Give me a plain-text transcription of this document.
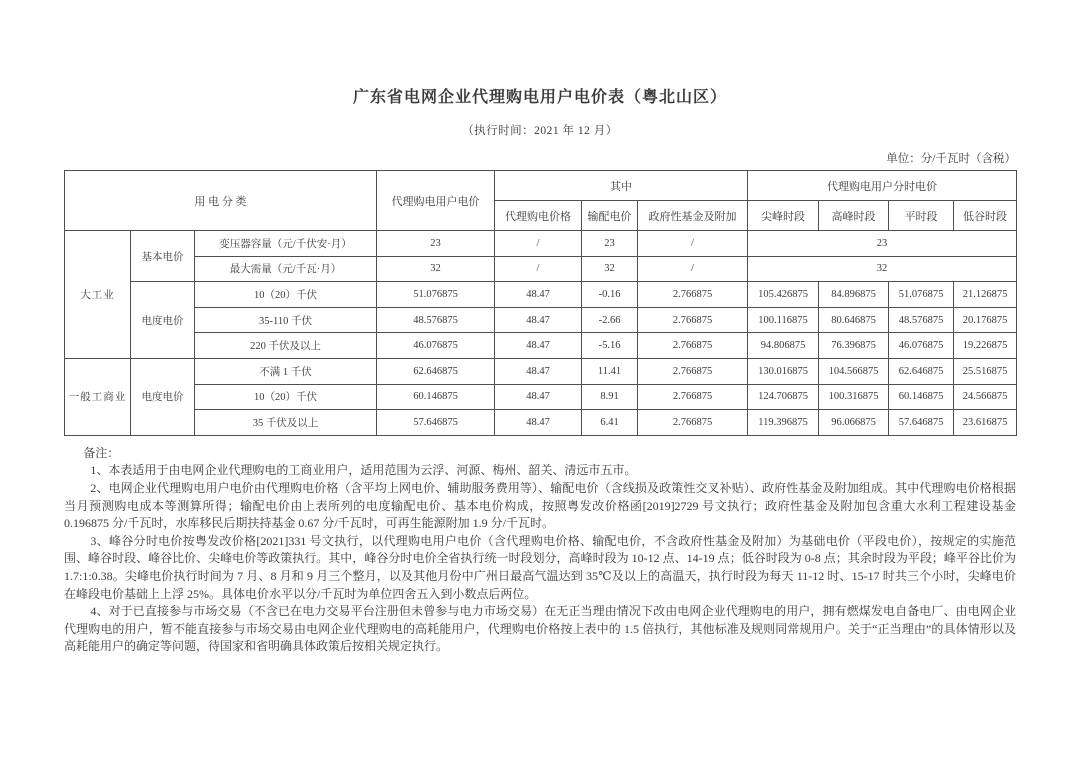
广东省电网企业代理购电用户电价表（粤北山区）
（执行时间：2021 年 12 月）
单位：分/千瓦时（含税）
用 电 分 类			代理购电用户电价	其中			代理购电用户分时电价			
				代理购电价格	输配电价	政府性基金及附加	尖峰时段	高峰时段	平时段	低谷时段
大工业	基本电价	变压器容量（元/千伏安·月）	23	/	23	/	23			
		最大需量（元/千瓦·月）	32	/	32	/	32			
	电度电价	10（20）千伏	51.076875	48.47	-0.16	2.766875	105.426875	84.896875	51.076875	21.126875
		35-110 千伏	48.576875	48.47	-2.66	2.766875	100.116875	80.646875	48.576875	20.176875
		220 千伏及以上	46.076875	48.47	-5.16	2.766875	94.806875	76.396875	46.076875	19.226875
一般工商业	电度电价	不满 1 千伏	62.646875	48.47	11.41	2.766875	130.016875	104.566875	62.646875	25.516875
		10（20）千伏	60.146875	48.47	8.91	2.766875	124.706875	100.316875	60.146875	24.566875
		35 千伏及以上	57.646875	48.47	6.41	2.766875	119.396875	96.066875	57.646875	23.616875

备注：

1、本表适用于由电网企业代理购电的工商业用户，适用范围为云浮、河源、梅州、韶关、清远市五市。

2、电网企业代理购电用户电价由代理购电价格（含平均上网电价、辅助服务费用等）、输配电价（含线损及政策性交叉补贴）、政府性基金及附加组成。其中代理购电价格根据当月预测购电成本等测算所得；输配电价由上表所列的电度输配电价、基本电价构成，按照粤发改价格函[2019]2729 号文执行；政府性基金及附加包含重大水利工程建设基金 0.196875 分/千瓦时，水库移民后期扶持基金 0.67 分/千瓦时，可再生能源附加 1.9 分/千瓦时。

3、峰谷分时电价按粤发改价格[2021]331 号文执行，以代理购电用户电价（含代理购电价格、输配电价，不含政府性基金及附加）为基础电价（平段电价），按规定的实施范围、峰谷时段、峰谷比价、尖峰电价等政策执行。其中，峰谷分时电价全省执行统一时段划分，高峰时段为 10-12 点、14-19 点；低谷时段为 0-8 点；其余时段为平段；峰平谷比价为 1.7:1:0.38。尖峰电价执行时间为 7 月、8 月和 9 月三个整月，以及其他月份中广州日最高气温达到 35℃及以上的高温天，执行时段为每天 11-12 时、15-17 时共三个小时，尖峰电价在峰段电价基础上上浮 25%。具体电价水平以分/千瓦时为单位四舍五入到小数点后两位。

4、对于已直接参与市场交易（不含已在电力交易平台注册但未曾参与电力市场交易）在无正当理由情况下改由电网企业代理购电的用户，拥有燃煤发电自备电厂、由电网企业代理购电的用户，暂不能直接参与市场交易由电网企业代理购电的高耗能用户，代理购电价格按上表中的 1.5 倍执行，其他标准及规则同常规用户。关于“正当理由”的具体情形以及高耗能用户的确定等问题，待国家和省明确具体政策后按相关规定执行。
